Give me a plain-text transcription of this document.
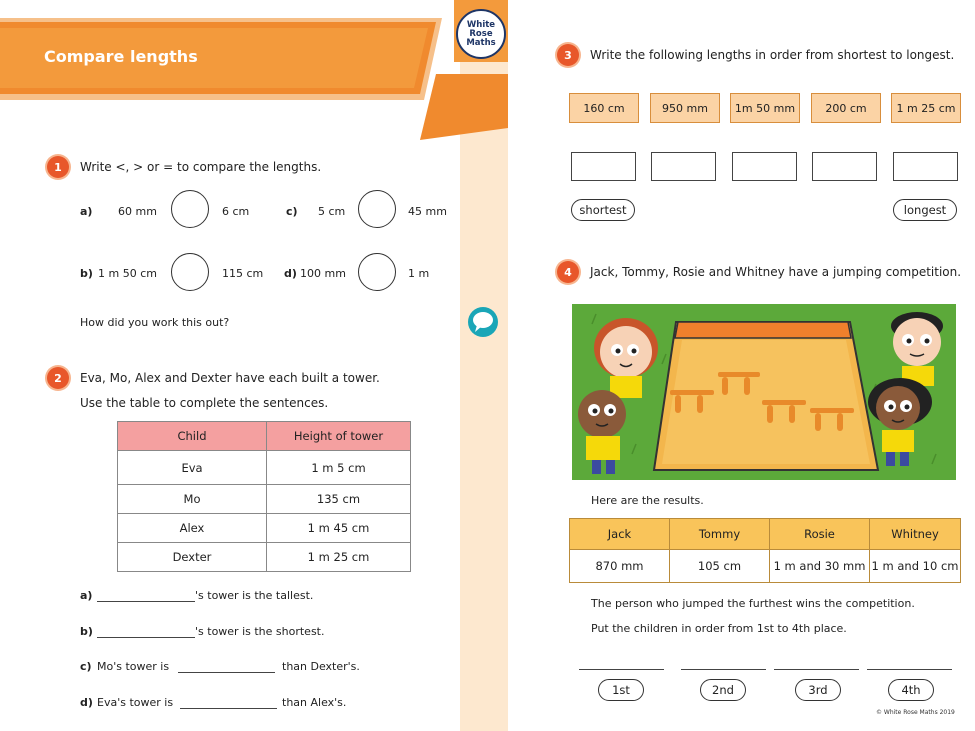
Compare lengths
White
Rose
Maths
1	Write <, > or = to compare the lengths.
a) 60 mm	6 cm	c) 5 cm	45 mm
b) 1 m 50 cm	115 cm d) 100 mm	1 m
How did you work this out?
2	Eva, Mo, Alex and Dexter have each built a tower.
Use the table to complete the sentences.
Child	Height of tower
Eva	1 m 5 cm
Mo	135 cm
Alex	1 m 45 cm
Dexter	1 m 25 cm
a)	's tower is the tallest.
b)	's tower is the shortest.
c) Mo's tower is	than Dexter's.
d) Eva's tower is	than Alex's.
3	Write the following lengths in order from shortest to longest.
160 cm	950 mm	1m 50 mm	200 cm	1 m 25 cm
shortest	longest
4	Jack, Tommy, Rosie and Whitney have a jumping competition.
Here are the results.
Jack	Tommy	Rosie	Whitney
870 mm	105 cm	1 m and 30 mm	1 m and 10 cm
The person who jumped the furthest wins the competition.
Put the children in order from 1st to 4th place.
1st	2nd	3rd	4th
© White Rose Maths 2019
